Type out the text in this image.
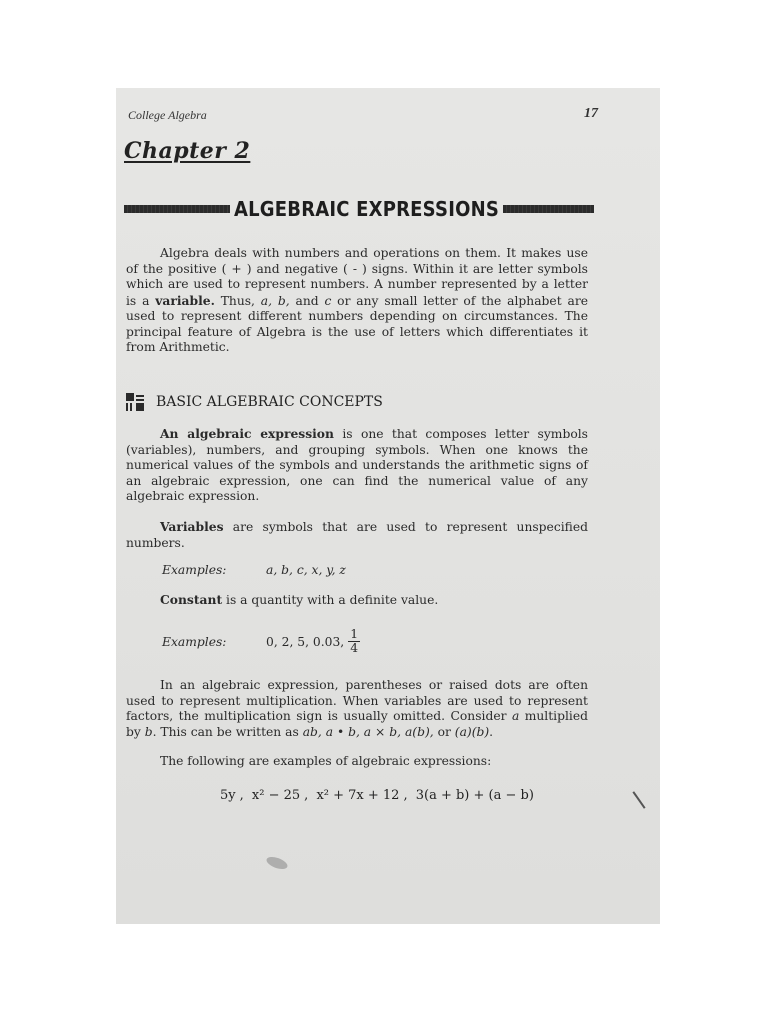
College Algebra	17
Chapter 2
ALGEBRAIC EXPRESSIONS

Algebra deals with numbers and operations on them. It makes use of the positive ( + ) and negative ( - ) signs. Within it are letter symbols which are used to represent numbers. A number represented by a letter is a variable. Thus, a, b, and c or any small letter of the alphabet are used to represent different numbers depending on circumstances. The principal feature of Algebra is the use of letters which differentiates it from Arithmetic.

BASIC ALGEBRAIC CONCEPTS

An algebraic expression is one that composes letter symbols (variables), numbers, and grouping symbols. When one knows the numerical values of the symbols and understands the arithmetic signs of an algebraic expression, one can find the numerical value of any algebraic expression.

Variables are symbols that are used to represent unspecified numbers.

Examples:	a, b, c, x, y, z

Constant is a quantity with a definite value.

Examples:	0, 2, 5, 0.03, $\frac{1}{4}$

In an algebraic expression, parentheses or raised dots are often used to represent multiplication. When variables are used to represent factors, the multiplication sign is usually omitted. Consider a multiplied by b. This can be written as ab, a • b, a × b, a(b), or (a)(b).

The following are examples of algebraic expressions:

5y , x² − 25 , x² + 7x + 12 , 3(a + b) + (a − b)
